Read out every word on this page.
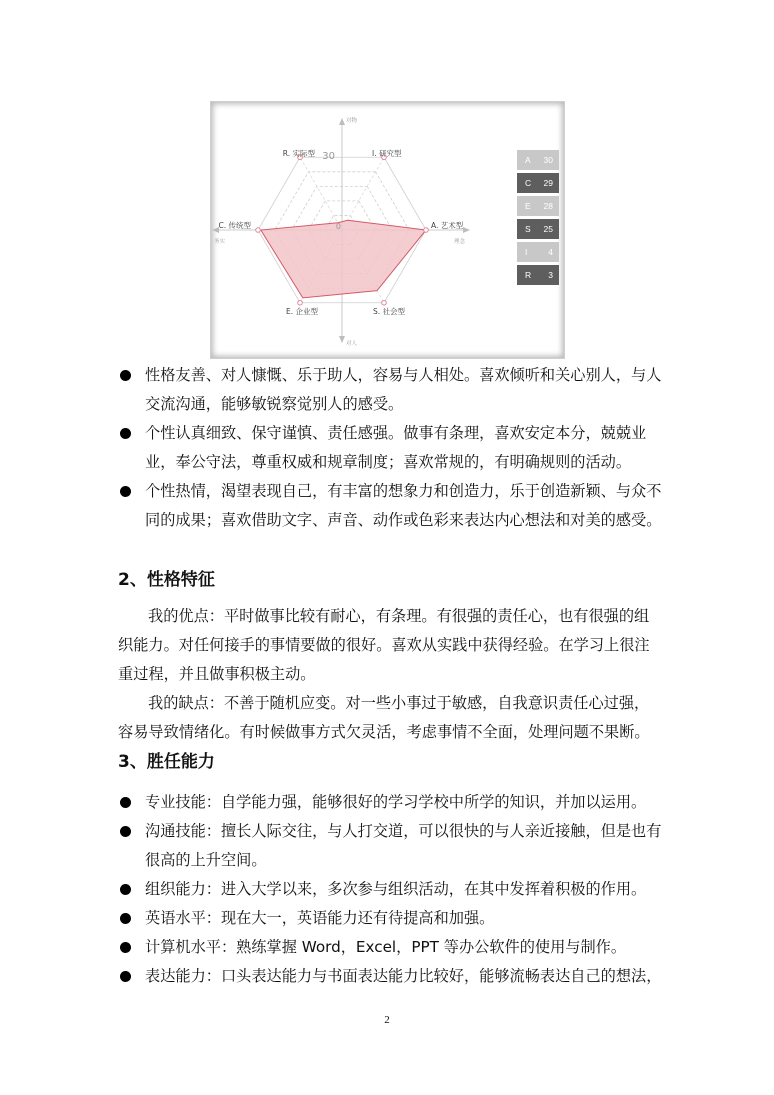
I. 研究型
A. 艺术型
S. 社会型
E. 企业型
C. 传统型
R. 实际型 30
0
对物
对人
务实	理念
A 30
C 29
E 28
S 25
I 4
R 3
性格友善、对人慷慨、乐于助人，容易与人相处。喜欢倾听和关心别人，与人交流沟通，能够敏锐察觉别人的感受。
个性认真细致、保守谨慎、责任感强。做事有条理，喜欢安定本分，兢兢业业，奉公守法，尊重权威和规章制度；喜欢常规的，有明确规则的活动。
个性热情，渴望表现自己，有丰富的想象力和创造力，乐于创造新颖、与众不同的成果；喜欢借助文字、声音、动作或色彩来表达内心想法和对美的感受。
2、性格特征

我的优点：平时做事比较有耐心，有条理。有很强的责任心，也有很强的组织能力。对任何接手的事情要做的很好。喜欢从实践中获得经验。在学习上很注重过程，并且做事积极主动。

我的缺点：不善于随机应变。对一些小事过于敏感，自我意识责任心过强，容易导致情绪化。有时候做事方式欠灵活，考虑事情不全面，处理问题不果断。

3、胜任能力
专业技能：自学能力强，能够很好的学习学校中所学的知识，并加以运用。
沟通技能：擅长人际交往，与人打交道，可以很快的与人亲近接触，但是也有很高的上升空间。
组织能力：进入大学以来，多次参与组织活动，在其中发挥着积极的作用。
英语水平：现在大一，英语能力还有待提高和加强。
计算机水平：熟练掌握 Word，Excel，PPT 等办公软件的使用与制作。
表达能力：口头表达能力与书面表达能力比较好，能够流畅表达自己的想法，
2
